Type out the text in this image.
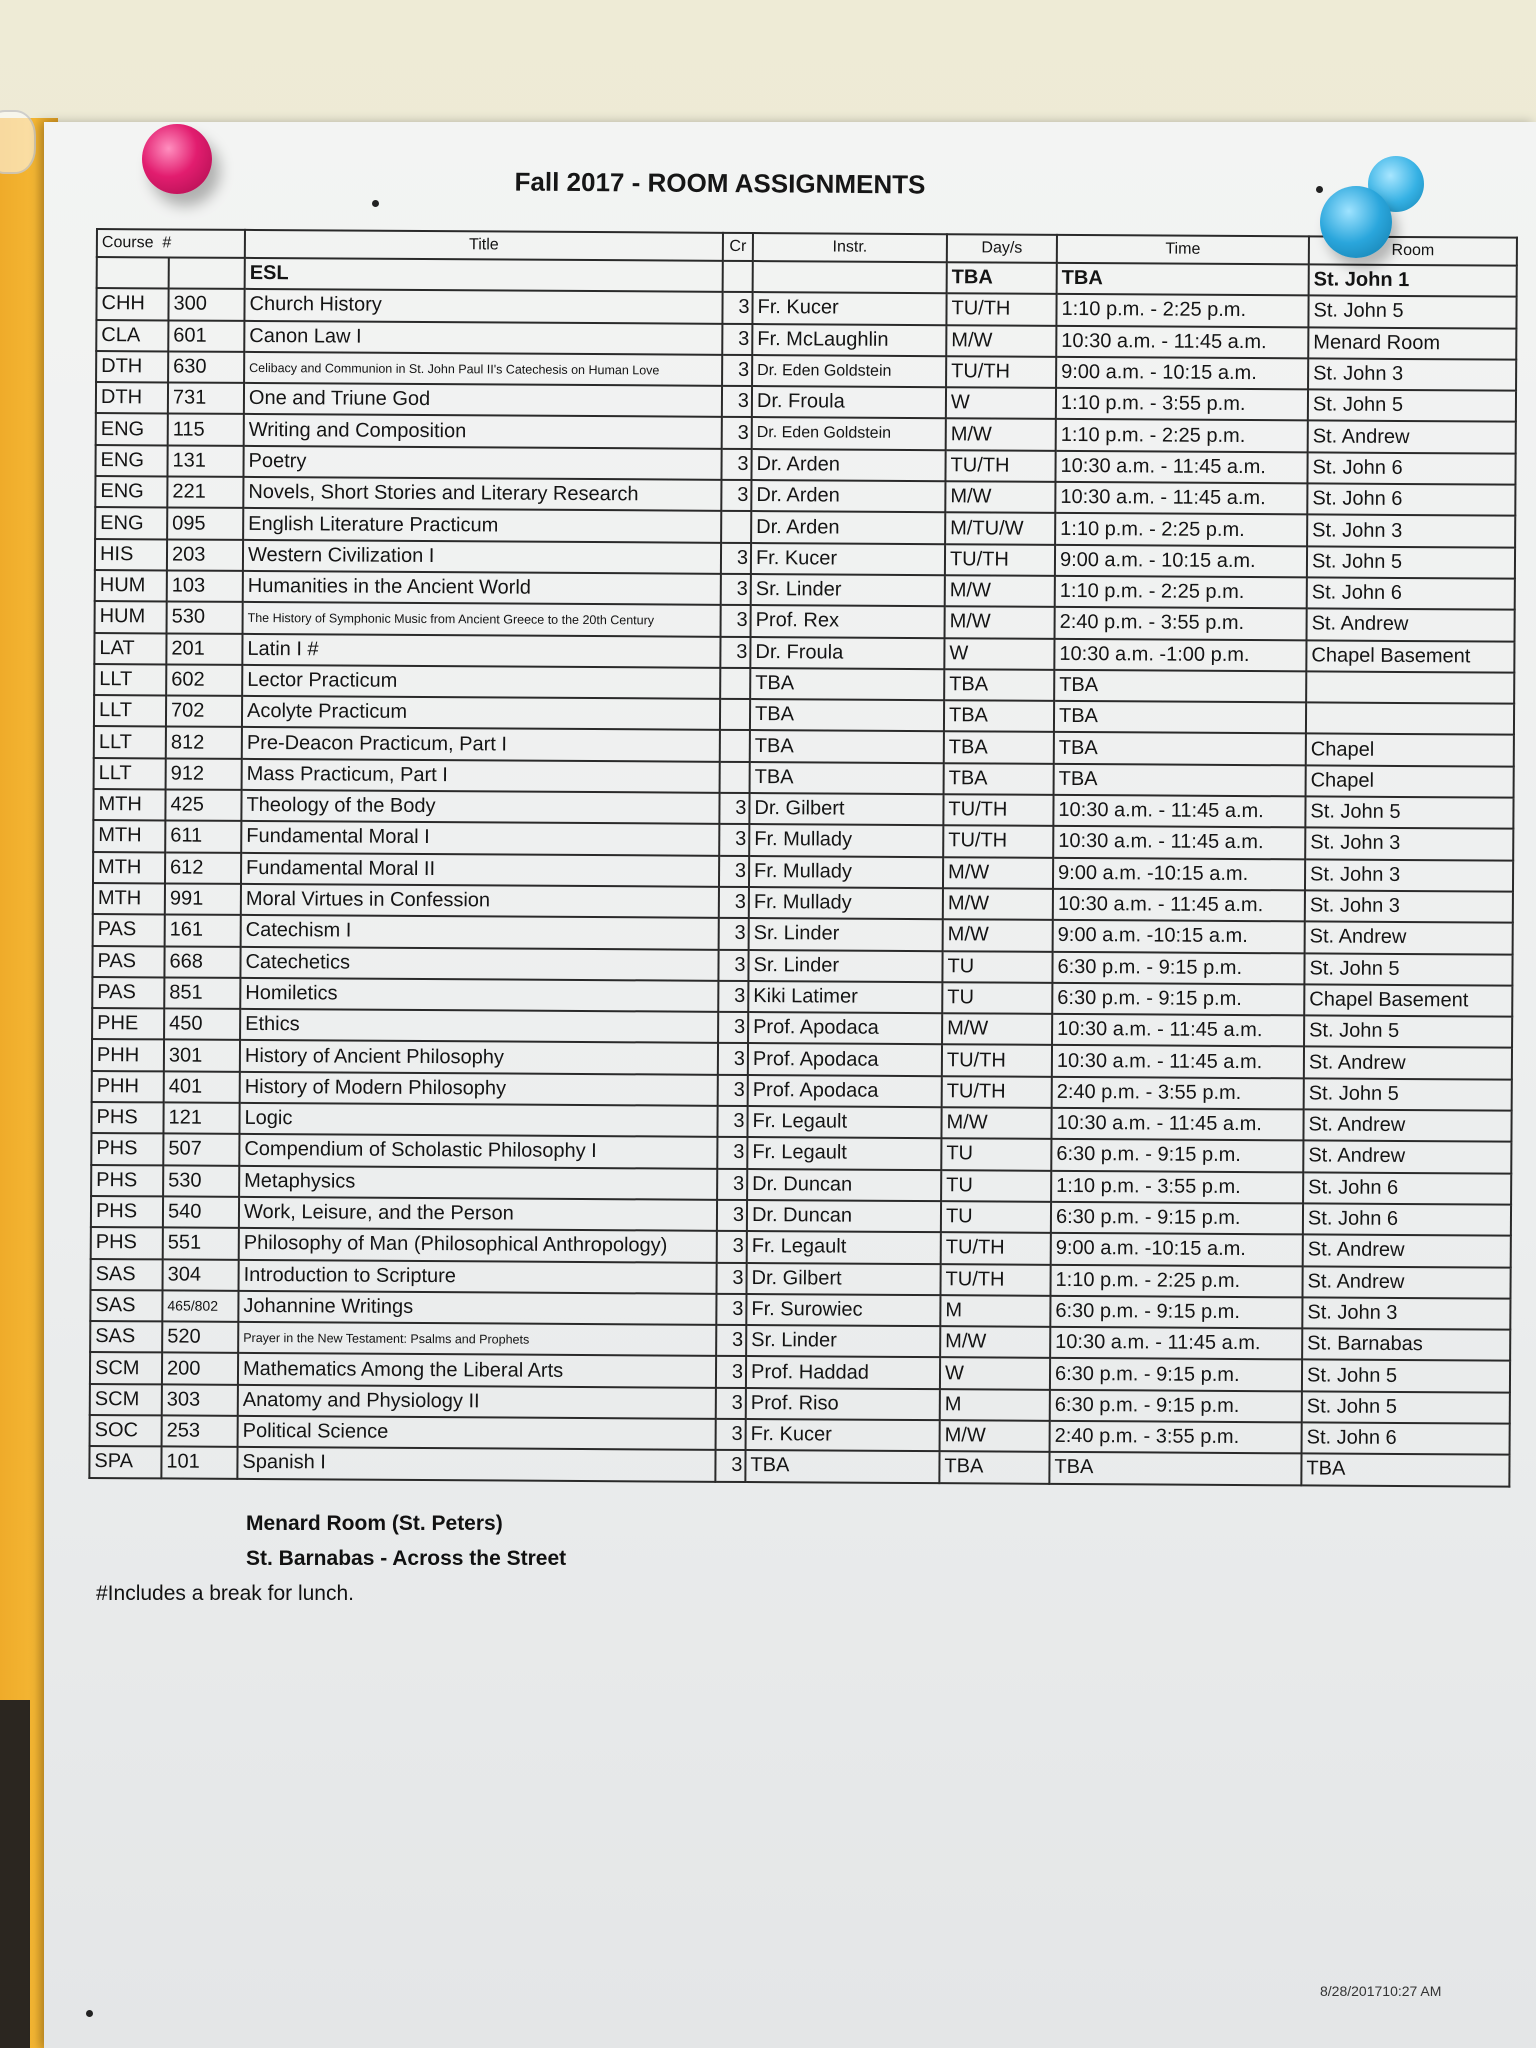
Fall 2017 - ROOM ASSIGNMENTS
Course #		Title	Cr	Instr.	Day/s	Time	Room
		ESL			TBA	TBA	St. John 1
CHH	300	Church History	3	Fr. Kucer	TU/TH	1:10 p.m. - 2:25 p.m.	St. John 5
CLA	601	Canon Law I	3	Fr. McLaughlin	M/W	10:30 a.m. - 11:45 a.m.	Menard Room
DTH	630	Celibacy and Communion in St. John Paul II's Catechesis on Human Love	3	Dr. Eden Goldstein	TU/TH	9:00 a.m. - 10:15 a.m.	St. John 3
DTH	731	One and Triune God	3	Dr. Froula	W	1:10 p.m. - 3:55 p.m.	St. John 5
ENG	115	Writing and Composition	3	Dr. Eden Goldstein	M/W	1:10 p.m. - 2:25 p.m.	St. Andrew
ENG	131	Poetry	3	Dr. Arden	TU/TH	10:30 a.m. - 11:45 a.m.	St. John 6
ENG	221	Novels, Short Stories and Literary Research	3	Dr. Arden	M/W	10:30 a.m. - 11:45 a.m.	St. John 6
ENG	095	English Literature Practicum		Dr. Arden	M/TU/W	1:10 p.m. - 2:25 p.m.	St. John 3
HIS	203	Western Civilization I	3	Fr. Kucer	TU/TH	9:00 a.m. - 10:15 a.m.	St. John 5
HUM	103	Humanities in the Ancient World	3	Sr. Linder	M/W	1:10 p.m. - 2:25 p.m.	St. John 6
HUM	530	The History of Symphonic Music from Ancient Greece to the 20th Century	3	Prof. Rex	M/W	2:40 p.m. - 3:55 p.m.	St. Andrew
LAT	201	Latin I #	3	Dr. Froula	W	10:30 a.m. -1:00 p.m.	Chapel Basement
LLT	602	Lector Practicum		TBA	TBA	TBA	
LLT	702	Acolyte Practicum		TBA	TBA	TBA	
LLT	812	Pre-Deacon Practicum, Part I		TBA	TBA	TBA	Chapel
LLT	912	Mass Practicum, Part I		TBA	TBA	TBA	Chapel
MTH	425	Theology of the Body	3	Dr. Gilbert	TU/TH	10:30 a.m. - 11:45 a.m.	St. John 5
MTH	611	Fundamental Moral I	3	Fr. Mullady	TU/TH	10:30 a.m. - 11:45 a.m.	St. John 3
MTH	612	Fundamental Moral II	3	Fr. Mullady	M/W	9:00 a.m. -10:15 a.m.	St. John 3
MTH	991	Moral Virtues in Confession	3	Fr. Mullady	M/W	10:30 a.m. - 11:45 a.m.	St. John 3
PAS	161	Catechism I	3	Sr. Linder	M/W	9:00 a.m. -10:15 a.m.	St. Andrew
PAS	668	Catechetics	3	Sr. Linder	TU	6:30 p.m. - 9:15 p.m.	St. John 5
PAS	851	Homiletics	3	Kiki Latimer	TU	6:30 p.m. - 9:15 p.m.	Chapel Basement
PHE	450	Ethics	3	Prof. Apodaca	M/W	10:30 a.m. - 11:45 a.m.	St. John 5
PHH	301	History of Ancient Philosophy	3	Prof. Apodaca	TU/TH	10:30 a.m. - 11:45 a.m.	St. Andrew
PHH	401	History of Modern Philosophy	3	Prof. Apodaca	TU/TH	2:40 p.m. - 3:55 p.m.	St. John 5
PHS	121	Logic	3	Fr. Legault	M/W	10:30 a.m. - 11:45 a.m.	St. Andrew
PHS	507	Compendium of Scholastic Philosophy I	3	Fr. Legault	TU	6:30 p.m. - 9:15 p.m.	St. Andrew
PHS	530	Metaphysics	3	Dr. Duncan	TU	1:10 p.m. - 3:55 p.m.	St. John 6
PHS	540	Work, Leisure, and the Person	3	Dr. Duncan	TU	6:30 p.m. - 9:15 p.m.	St. John 6
PHS	551	Philosophy of Man (Philosophical Anthropology)	3	Fr. Legault	TU/TH	9:00 a.m. -10:15 a.m.	St. Andrew
SAS	304	Introduction to Scripture	3	Dr. Gilbert	TU/TH	1:10 p.m. - 2:25 p.m.	St. Andrew
SAS	465/802	Johannine Writings	3	Fr. Surowiec	M	6:30 p.m. - 9:15 p.m.	St. John 3
SAS	520	Prayer in the New Testament: Psalms and Prophets	3	Sr. Linder	M/W	10:30 a.m. - 11:45 a.m.	St. Barnabas
SCM	200	Mathematics Among the Liberal Arts	3	Prof. Haddad	W	6:30 p.m. - 9:15 p.m.	St. John 5
SCM	303	Anatomy and Physiology II	3	Prof. Riso	M	6:30 p.m. - 9:15 p.m.	St. John 5
SOC	253	Political Science	3	Fr. Kucer	M/W	2:40 p.m. - 3:55 p.m.	St. John 6
SPA	101	Spanish I	3	TBA	TBA	TBA	TBA
Menard Room (St. Peters)
St. Barnabas - Across the Street
#Includes a break for lunch.
8/28/201710:27 AM
